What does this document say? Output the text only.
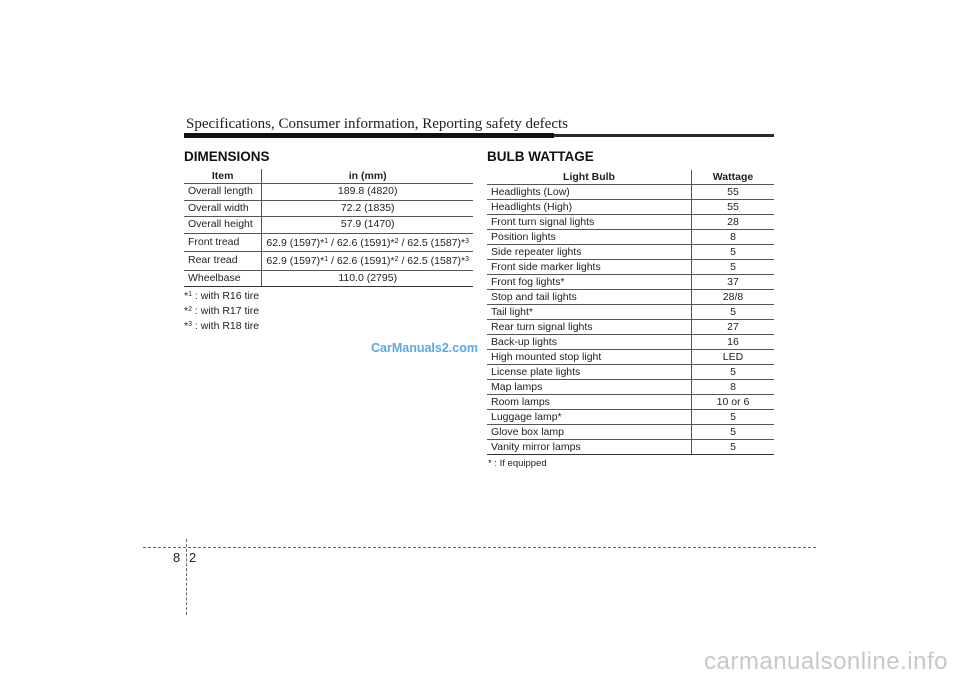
Specifications, Consumer information, Reporting safety defects
DIMENSIONS
Item	in (mm)
Overall length	189.8 (4820)
Overall width	72.2 (1835)
Overall height	57.9 (1470)
Front tread	62.9 (1597)*$^1$ / 62.6 (1591)*$^2$ / 62.5 (1587)*$^3$
Rear tread	62.9 (1597)*$^1$ / 62.6 (1591)*$^2$ / 62.5 (1587)*$^3$
Wheelbase	110.0 (2795)
*$^1$ : with R16 tire
*$^2$ : with R17 tire
*$^3$ : with R18 tire
CarManuals2.com
BULB WATTAGE
Light Bulb	Wattage
Headlights (Low)	55
Headlights (High)	55
Front turn signal lights	28
Position lights	8
Side repeater lights	5
Front side marker lights	5
Front fog lights*	37
Stop and tail lights	28/8
Tail light*	5
Rear turn signal lights	27
Back-up lights	16
High mounted stop light	LED
License plate lights	5
Map lamps	8
Room lamps	10 or 6
Luggage lamp*	5
Glove box lamp	5
Vanity mirror lamps	5
* : If equipped
8 2
carmanualsonline.info
